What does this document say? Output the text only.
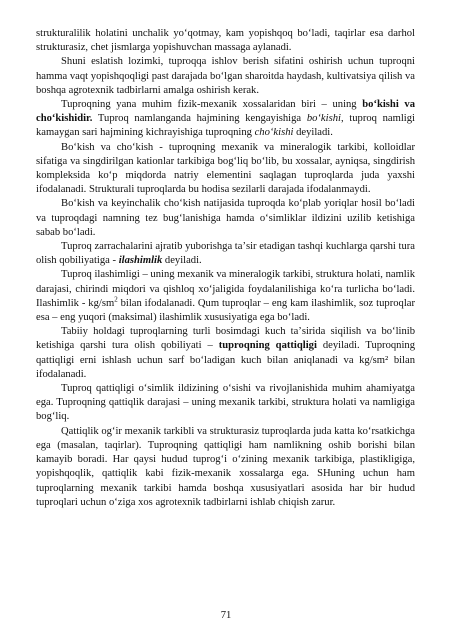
strukturalilik holatini unchalik yoʻqotmay, kam yopishqoq boʻladi, taqirlar esa darhol strukturasiz, chet jismlarga yopishuvchan massaga aylanadi.

Shuni eslatish lozimki, tuproqqa ishlov berish sifatini oshirish uchun tuproqni hamma vaqt yopishqoqligi past darajada boʻlgan sharoitda haydash, kultivatsiya qilish va boshqa agrotexnik tadbirlarni amalga oshirish kerak.

Tuproqning yana muhim fizik-mexanik xossalaridan biri – uning boʻkishi va choʻkishidir. Tuproq namlanganda hajmining kengayishiga boʻkishi, tuproq namligi kamaygan sari hajmining kichrayishiga tuproqning choʻkishi deyiladi.

Boʻkish va choʻkish - tuproqning mexanik va mineralogik tarkibi, kolloidlar sifatiga va singdirilgan kationlar tarkibiga bogʻliq boʻlib, bu xossalar, ayniqsa, singdirish kompleksida koʻp miqdorda natriy elementini saqlagan tuproqlarda juda yaxshi ifodalanadi. Strukturali tuproqlarda bu hodisa sezilarli darajada ifodalanmaydi.

Boʻkish va keyinchalik choʻkish natijasida tuproqda koʻplab yoriqlar hosil boʻladi va tuproqdagi namning tez bugʻlanishiga hamda oʻsimliklar ildizini uzilib ketishiga sabab boʻladi.

Tuproq zarrachalarini ajratib yuborishga taʼsir etadigan tashqi kuchlarga qarshi tura olish qobiliyatiga - ilashimlik deyiladi.

Tuproq ilashimligi – uning mexanik va mineralogik tarkibi, struktura holati, namlik darajasi, chirindi miqdori va qishloq xoʻjaligida foydalanilishiga koʻra turlicha boʻladi. Ilashimlik - $kg/sm^2$ bilan ifodalanadi. Qum tuproqlar – eng kam ilashimlik, soz tuproqlar esa – eng yuqori (maksimal) ilashimlik xususiyatiga ega boʻladi.

Tabiiy holdagi tuproqlarning turli bosimdagi kuch taʼsirida siqilish va boʻlinib ketishiga qarshi tura olish qobiliyati – tuproqning qattiqligi deyiladi. Tuproqning qattiqligi erni ishlash uchun sarf boʻladigan kuch bilan aniqlanadi va kg/sm² bilan ifodalanadi.

Tuproq qattiqligi oʻsimlik ildizining oʻsishi va rivojlanishida muhim ahamiyatga ega. Tuproqning qattiqlik darajasi – uning mexanik tarkibi, struktura holati va namligiga bogʻliq.

Qattiqlik ogʻir mexanik tarkibli va strukturasiz tuproqlarda juda katta koʻrsatkichga ega (masalan, taqirlar). Tuproqning qattiqligi ham namlikning oshib borishi bilan kamayib boradi. Har qaysi hudud tuprogʻi oʻzining mexanik tarkibiga, plastikligiga, yopishqoqlik, qattiqlik kabi fizik-mexanik xossalarga ega. SHuning uchun ham tuproqlarning mexanik tarkibi hamda boshqa xususiyatlari asosida har bir hudud tuproqlari uchun oʻziga xos agrotexnik tadbirlarni ishlab chiqish zarur.

71
